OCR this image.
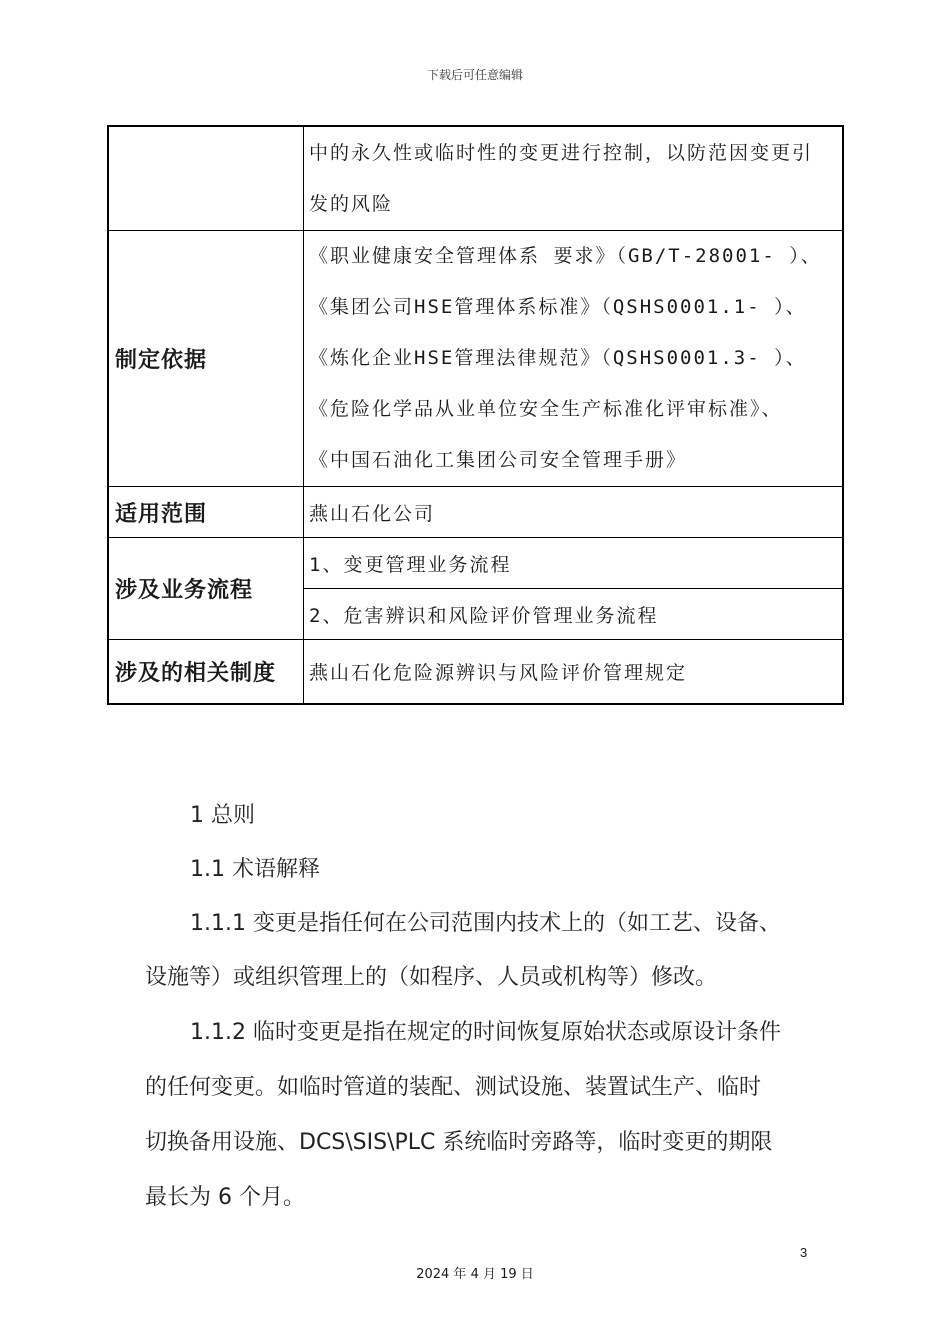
下载后可任意编辑

	中的永久性或临时性的变更进行控制，以防范因变更引
发的风险

制定依据	《职业健康安全管理体系 要求》（GB/T-28001- ）、
《集团公司HSE管理体系标准》（QSHS0001.1- ）、
《炼化企业HSE管理法律规范》（QSHS0001.3- ）、
《危险化学品从业单位安全生产标准化评审标准》、
《中国石油化工集团公司安全管理手册》

适用范围	燕山石化公司
涉及业务流程	1、变更管理业务流程
	2、危害辨识和风险评价管理业务流程
涉及的相关制度	燕山石化危险源辨识与风险评价管理规定
1 总则
1.1 术语解释
1.1.1 变更是指任何在公司范围内技术上的（如工艺、设备、
设施等）或组织管理上的（如程序、人员或机构等）修改。
1.1.2 临时变更是指在规定的时间恢复原始状态或原设计条件
的任何变更。如临时管道的装配、测试设施、装置试生产、临时
切换备用设施、DCS\SIS\PLC 系统临时旁路等，临时变更的期限
最长为 6 个月。
3
2024 年 4 月 19 日
